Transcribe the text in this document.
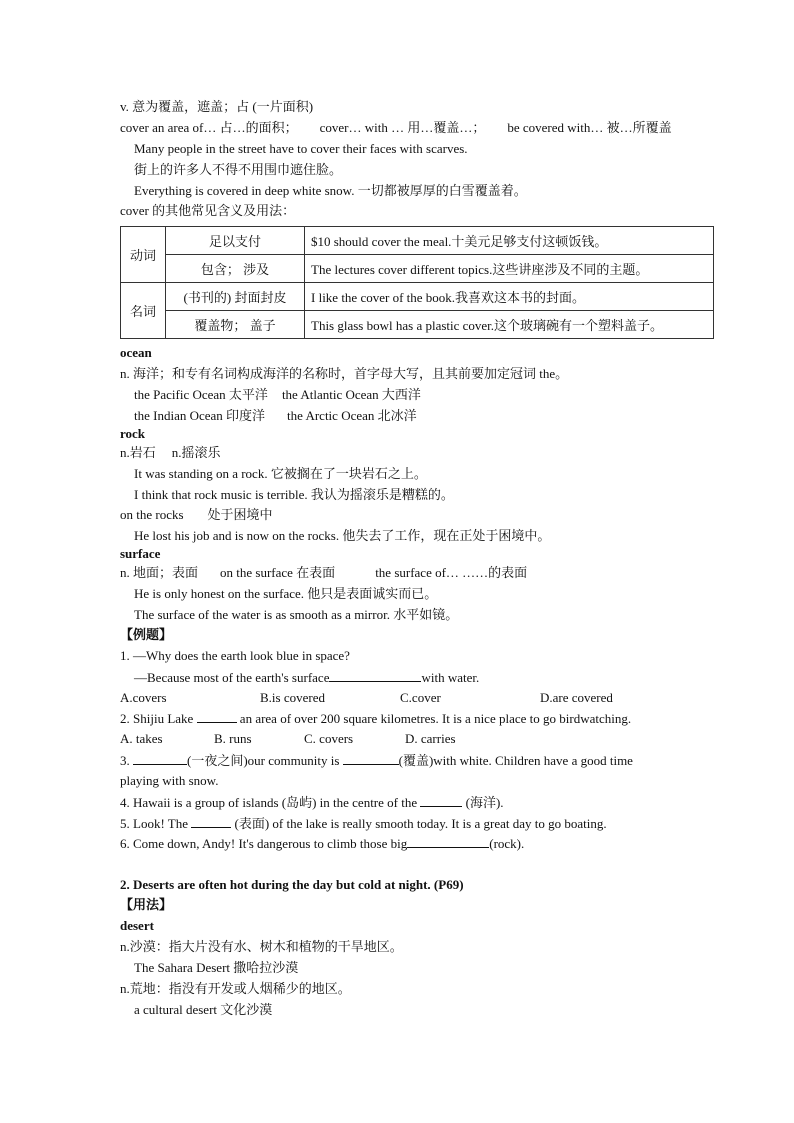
v. 意为覆盖，遮盖；占 (一片面积)
cover an area of… 占…的面积； cover… with … 用…覆盖…； be covered with… 被…所覆盖
Many people in the street have to cover their faces with scarves.
街上的许多人不得不用围巾遮住脸。
Everything is covered in deep white snow. 一切都被厚厚的白雪覆盖着。
cover 的其他常见含义及用法：
动词	足以支付	$10 should cover the meal.十美元足够支付这顿饭钱。
	包含； 涉及	The lectures cover different topics.这些讲座涉及不同的主题。
名词	(书刊的) 封面封皮	I like the cover of the book.我喜欢这本书的封面。
	覆盖物； 盖子	This glass bowl has a plastic cover.这个玻璃碗有一个塑料盖子。
ocean
n. 海洋；和专有名词构成海洋的名称时，首字母大写，且其前要加定冠词 the。
the Pacific Ocean 太平洋 the Atlantic Ocean 大西洋
the Indian Ocean 印度洋 the Arctic Ocean 北冰洋
rock
n.岩石 n.摇滚乐
It was standing on a rock. 它被搁在了一块岩石之上。
I think that rock music is terrible. 我认为摇滚乐是糟糕的。
on the rocks 处于困境中
He lost his job and is now on the rocks. 他失去了工作，现在正处于困境中。
surface
n. 地面；表面 on the surface 在表面	the surface of… ……的表面
He is only honest on the surface. 他只是表面诚实而已。
The surface of the water is as smooth as a mirror. 水平如镜。
【例题】
1. —Why does the earth look blue in space?
—Because most of the earth's surface	with water.
A.covers	B.is covered	C.cover	D.are covered
2. Shijiu Lake	an area of over 200 square kilometres. It is a nice place to go birdwatching.
A. takes	B. runs	C. covers	D. carries
3.	(一夜之间)our community is	(覆盖)with white. Children have a good time
playing with snow.
4. Hawaii is a group of islands (岛屿) in the centre of the	(海洋).
5. Look! The	(表面) of the lake is really smooth today. It is a great day to go boating.
6. Come down, Andy! It's dangerous to climb those big	(rock).
2. Deserts are often hot during the day but cold at night. (P69)
【用法】
desert
n.沙漠：指大片没有水、树木和植物的干旱地区。
The Sahara Desert 撒哈拉沙漠
n.荒地：指没有开发或人烟稀少的地区。
a cultural desert 文化沙漠
